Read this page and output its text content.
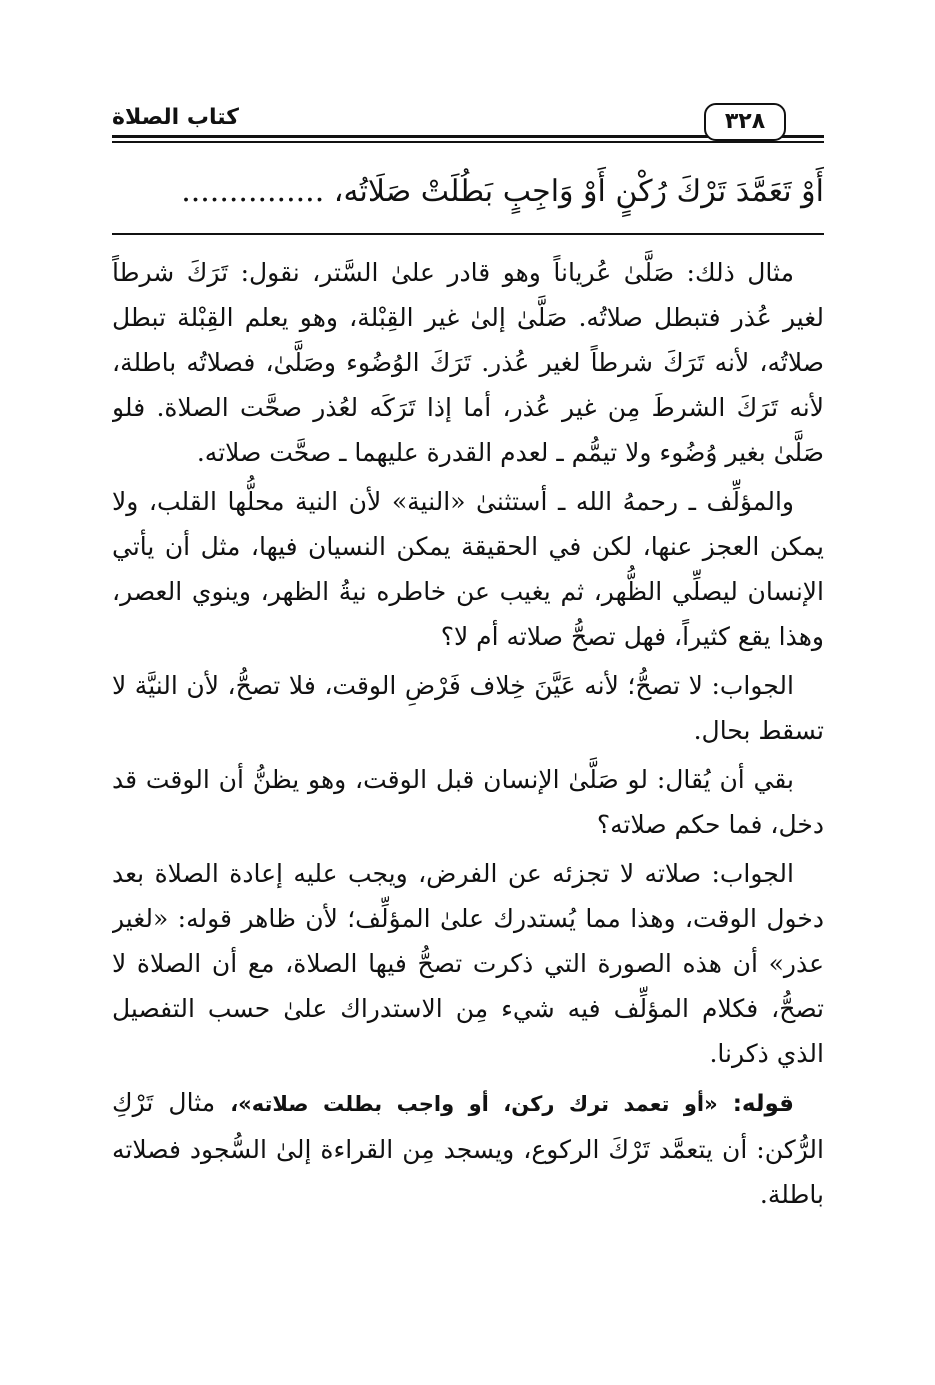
كتاب الصلاة	٣٢٨
أَوْ تَعَمَّدَ تَرْكَ رُكْنٍ أَوْ وَاجِبٍ بَطُلَتْ صَلَاتُه، ...............

مثال ذلك: صَلَّىٰ عُرياناً وهو قادر علىٰ السَّتر، نقول: تَرَكَ شرطاً لغير عُذر فتبطل صلاتُه. صَلَّىٰ إلىٰ غير القِبْلة، وهو يعلم القِبْلة تبطل صلاتُه، لأنه تَرَكَ شرطاً لغير عُذر. تَرَكَ الوُضُوء وصَلَّىٰ، فصلاتُه باطلة، لأنه تَرَكَ الشرطَ مِن غير عُذر، أما إذا تَرَكَه لعُذر صحَّت الصلاة. فلو صَلَّىٰ بغير وُضُوء ولا تيمُّم ـ لعدم القدرة عليهما ـ صحَّت صلاته.

والمؤلِّف ـ رحمهُ الله ـ أستثنىٰ «النية» لأن النية محلُّها القلب، ولا يمكن العجز عنها، لكن في الحقيقة يمكن النسيان فيها، مثل أن يأتي الإنسان ليصلِّي الظُّهر، ثم يغيب عن خاطره نيةُ الظهر، وينوي العصر، وهذا يقع كثيراً، فهل تصحُّ صلاته أم لا؟

الجواب: لا تصحُّ؛ لأنه عَيَّنَ خِلاف فَرْضِ الوقت، فلا تصحُّ، لأن النيَّة لا تسقط بحال.

بقي أن يُقال: لو صَلَّىٰ الإنسان قبل الوقت، وهو يظنُّ أن الوقت قد دخل، فما حكم صلاته؟

الجواب: صلاته لا تجزئه عن الفرض، ويجب عليه إعادة الصلاة بعد دخول الوقت، وهذا مما يُستدرك علىٰ المؤلِّف؛ لأن ظاهر قوله: «لغير عذر» أن هذه الصورة التي ذكرت تصحُّ فيها الصلاة، مع أن الصلاة لا تصحُّ، فكلام المؤلِّف فيه شيء مِن الاستدراك علىٰ حسب التفصيل الذي ذكرنا.

قوله: «أو تعمد ترك ركن، أو واجب بطلت صلاته»، مثال تَرْكِ الرُّكن: أن يتعمَّد تَرْكَ الركوع، ويسجد مِن القراءة إلىٰ السُّجود فصلاته باطلة.
